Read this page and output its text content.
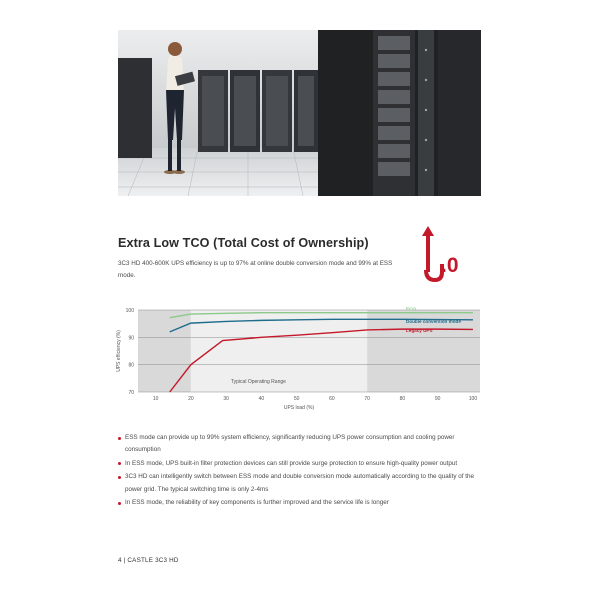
Extra Low TCO (Total Cost of Ownership)

3C3 HD 400-600K UPS efficiency is up to 97% at online double conversion mode and 99% at ESS mode.	.0
70
80
90
100
10	20	30	40	50	60	70	80	90	100
UPS load (%)
UPS efficiency (%)
Typical Operating Range
ECO
Double conversion mode
Legacy UPS
ESS mode can provide up to 99% system efficiency, significantly reducing UPS power consumption and cooling power consumption
In ESS mode, UPS built-in filter protection devices can still provide surge protection to ensure high-quality power output
3C3 HD can intelligently switch between ESS mode and double conversion mode automatically according to the quality of the power grid. The typical switching time is only 2-4ms
In ESS mode, the reliability of key components is further improved and the service life is longer
4 | CASTLE 3C3 HD
